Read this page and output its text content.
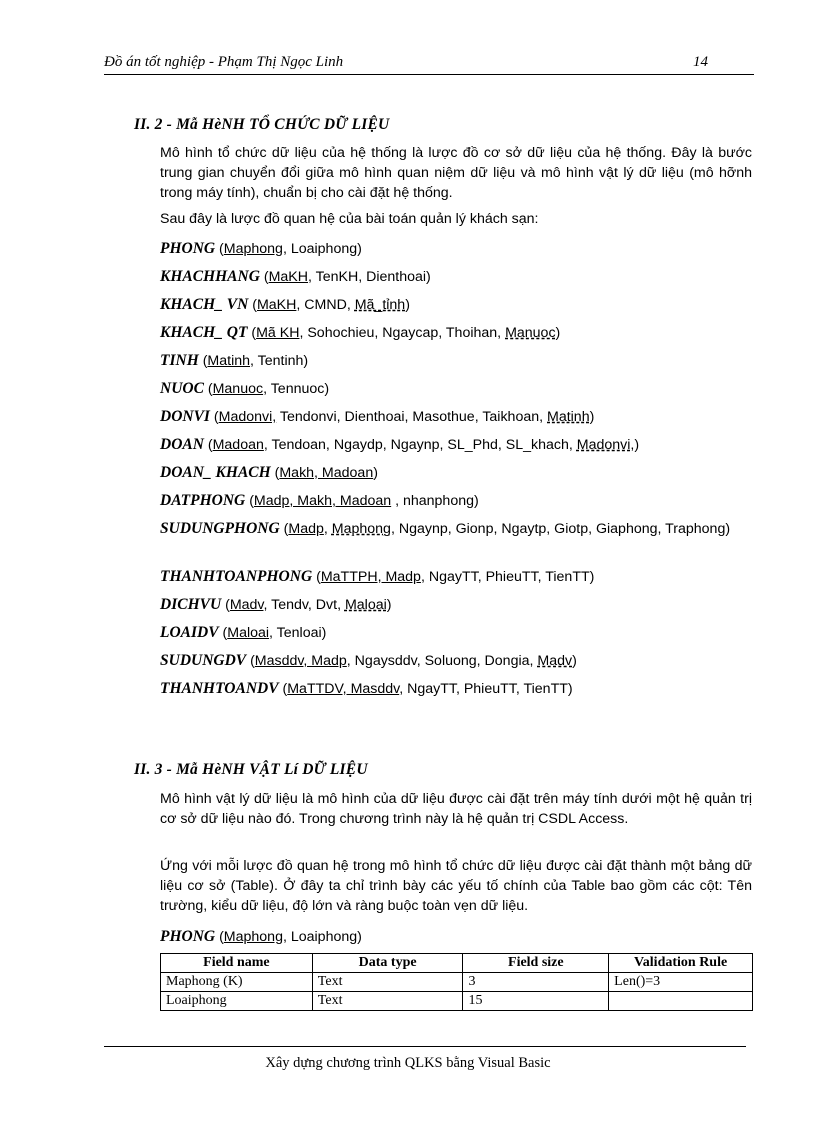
Đồ án tốt nghiệp - Phạm Thị Ngọc Linh	14
II. 2 - Mẫ HèNH TỔ CHỨC DỮ LIỆU
Mô hình tổ chức dữ liệu của hệ thống là lược đồ cơ sở dữ liệu của hệ thống. Đây là bước trung gian chuyển đổi giữa mô hình quan niệm dữ liệu và mô hình vật lý dữ liệu (mô hỡnh trong máy tính), chuẩn bị cho cài đặt hệ thống.
Sau đây là lược đồ quan hệ của bài toán quản lý khách sạn:
PHONG (Maphong, Loaiphong)
KHACHHANG (MaKH, TenKH, Dienthoai)
KHACH_ VN (MaKH, CMND, Mã_tỉnh)
KHACH_ QT (Mã KH, Sohochieu, Ngaycap, Thoihan, Manuoc)
TINH (Matinh, Tentinh)
NUOC (Manuoc, Tennuoc)
DONVI (Madonvi, Tendonvi, Dienthoai, Masothue, Taikhoan, Matinh)
DOAN (Madoan, Tendoan, Ngaydp, Ngaynp, SL_Phd, SL_khach, Madonvi,)
DOAN_ KHACH (Makh, Madoan)
DATPHONG (Madp, Makh, Madoan , nhanphong)
SUDUNGPHONG (Madp, Maphong, Ngaynp, Gionp, Ngaytp, Giotp, Giaphong, Traphong)
THANHTOANPHONG (MaTTPH, Madp, NgayTT, PhieuTT, TienTT)
DICHVU (Madv, Tendv, Dvt, Maloai)
LOAIDV (Maloai, Tenloai)
SUDUNGDV (Masddv, Madp, Ngaysddv, Soluong, Dongia, Madv)
THANHTOANDV (MaTTDV, Masddv, NgayTT, PhieuTT, TienTT)
II. 3 - Mẫ HèNH VẬT Lí DỮ LIỆU
Mô hình vật lý dữ liệu là mô hình của dữ liệu được cài đặt trên máy tính dưới một hệ quản trị cơ sở dữ liệu nào đó. Trong chương trình này là hệ quản trị CSDL Access.
Ứng với mỗi lược đồ quan hệ trong mô hình tổ chức dữ liệu được cài đặt thành một bảng dữ liệu cơ sở (Table). Ở đây ta chỉ trình bày các yếu tố chính của Table bao gồm các cột: Tên trường, kiểu dữ liệu, độ lớn và ràng buộc toàn vẹn dữ liệu.
PHONG (Maphong, Loaiphong)
Field name	Data type	Field size	Validation Rule
Maphong (K)	Text	3	Len()=3
Loaiphong	Text	15	
Xây dựng chương trình QLKS bằng Visual Basic
